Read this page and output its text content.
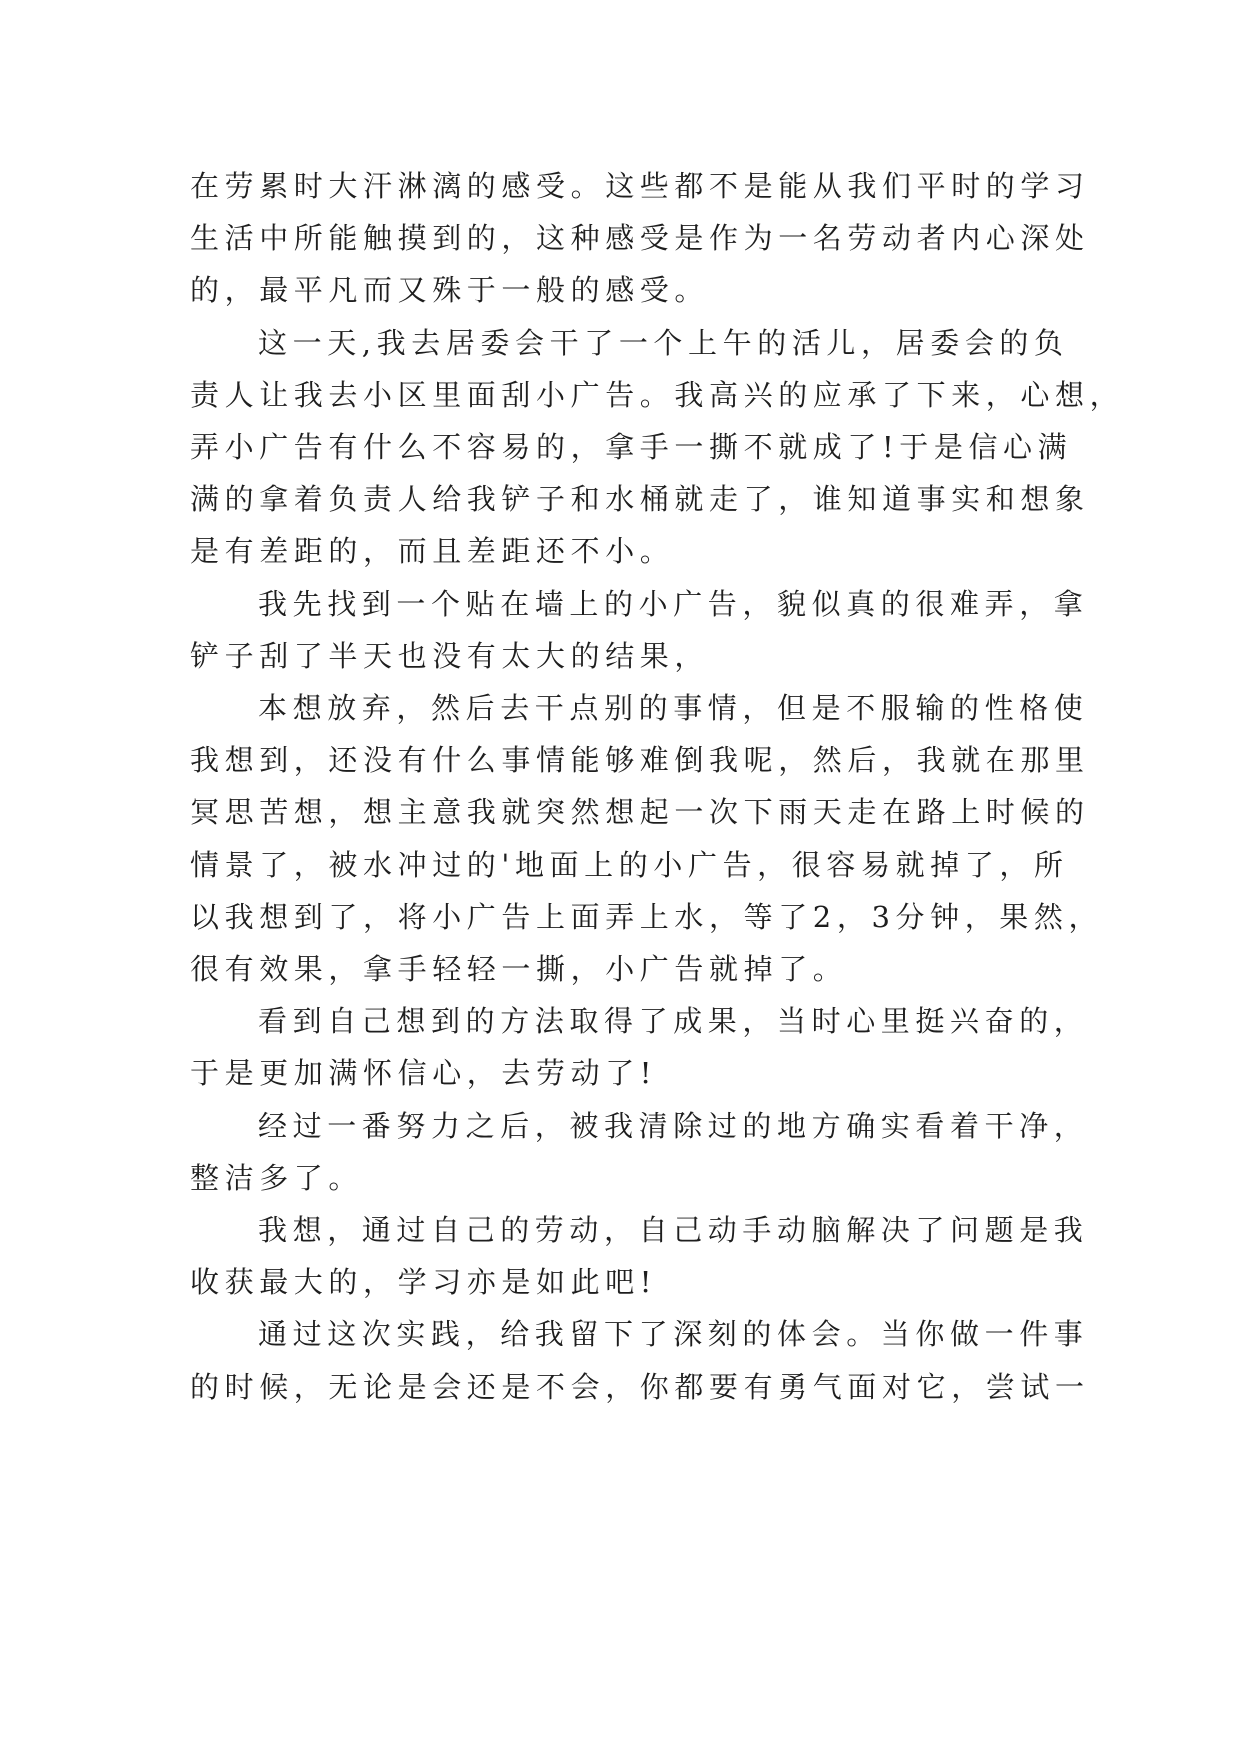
在劳累时大汗淋漓的感受。这些都不是能从我们平时的学习
生活中所能触摸到的，这种感受是作为一名劳动者内心深处
的，最平凡而又殊于一般的感受。

这一天,我去居委会干了一个上午的活儿，居委会的负
责人让我去小区里面刮小广告。我高兴的应承了下来，心想，
弄小广告有什么不容易的，拿手一撕不就成了!于是信心满
满的拿着负责人给我铲子和水桶就走了，谁知道事实和想象
是有差距的，而且差距还不小。

我先找到一个贴在墙上的小广告，貌似真的很难弄，拿
铲子刮了半天也没有太大的结果，

本想放弃，然后去干点别的事情，但是不服输的性格使
我想到，还没有什么事情能够难倒我呢，然后，我就在那里
冥思苦想，想主意我就突然想起一次下雨天走在路上时候的
情景了，被水冲过的'地面上的小广告，很容易就掉了，所
以我想到了，将小广告上面弄上水，等了2，3分钟，果然，
很有效果，拿手轻轻一撕，小广告就掉了。

看到自己想到的方法取得了成果，当时心里挺兴奋的，
于是更加满怀信心，去劳动了!

经过一番努力之后，被我清除过的地方确实看着干净，
整洁多了。

我想，通过自己的劳动，自己动手动脑解决了问题是我
收获最大的，学习亦是如此吧!

通过这次实践，给我留下了深刻的体会。当你做一件事
的时候，无论是会还是不会，你都要有勇气面对它，尝试一
